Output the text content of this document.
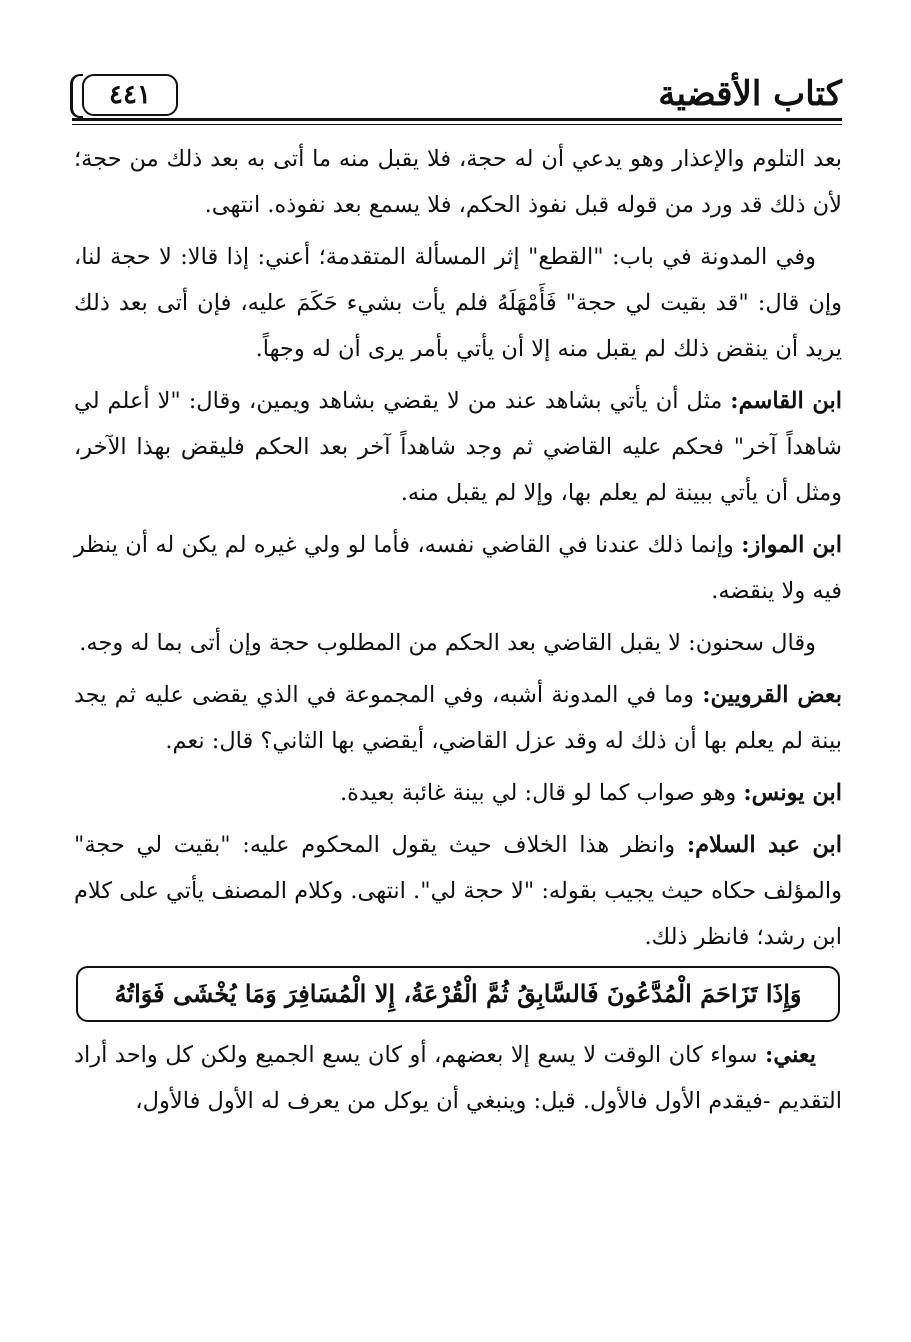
كتاب الأقضية
٤٤١

بعد التلوم والإعذار وهو يدعي أن له حجة، فلا يقبل منه ما أتى به بعد ذلك من حجة؛ لأن ذلك قد ورد من قوله قبل نفوذ الحكم، فلا يسمع بعد نفوذه. انتهى.

وفي المدونة في باب: "القطع" إثر المسألة المتقدمة؛ أعني: إذا قالا: لا حجة لنا، وإن قال: "قد بقيت لي حجة" فَأَمْهَلَهُ فلم يأت بشيء حَكَمَ عليه، فإن أتى بعد ذلك يريد أن ينقض ذلك لم يقبل منه إلا أن يأتي بأمر يرى أن له وجهاً.

ابن القاسم: مثل أن يأتي بشاهد عند من لا يقضي بشاهد ويمين، وقال: "لا أعلم لي شاهداً آخر" فحكم عليه القاضي ثم وجد شاهداً آخر بعد الحكم فليقض بهذا الآخر، ومثل أن يأتي ببينة لم يعلم بها، وإلا لم يقبل منه.

ابن المواز: وإنما ذلك عندنا في القاضي نفسه، فأما لو ولي غيره لم يكن له أن ينظر فيه ولا ينقضه.

وقال سحنون: لا يقبل القاضي بعد الحكم من المطلوب حجة وإن أتى بما له وجه.

بعض القرويين: وما في المدونة أشبه، وفي المجموعة في الذي يقضى عليه ثم يجد بينة لم يعلم بها أن ذلك له وقد عزل القاضي، أيقضي بها الثاني؟ قال: نعم.

ابن يونس: وهو صواب كما لو قال: لي بينة غائبة بعيدة.

ابن عبد السلام: وانظر هذا الخلاف حيث يقول المحكوم عليه: "بقيت لي حجة" والمؤلف حكاه حيث يجيب بقوله: "لا حجة لي". انتهى. وكلام المصنف يأتي على كلام ابن رشد؛ فانظر ذلك.

وَإِذَا تَزَاحَمَ الْمُدَّعُونَ فَالسَّابِقُ ثُمَّ الْقُرْعَةُ، إِلا الْمُسَافِرَ وَمَا يُخْشَى فَوَاتُهُ

يعني: سواء كان الوقت لا يسع إلا بعضهم، أو كان يسع الجميع ولكن كل واحد أراد التقديم -فيقدم الأول فالأول. قيل: وينبغي أن يوكل من يعرف له الأول فالأول،
